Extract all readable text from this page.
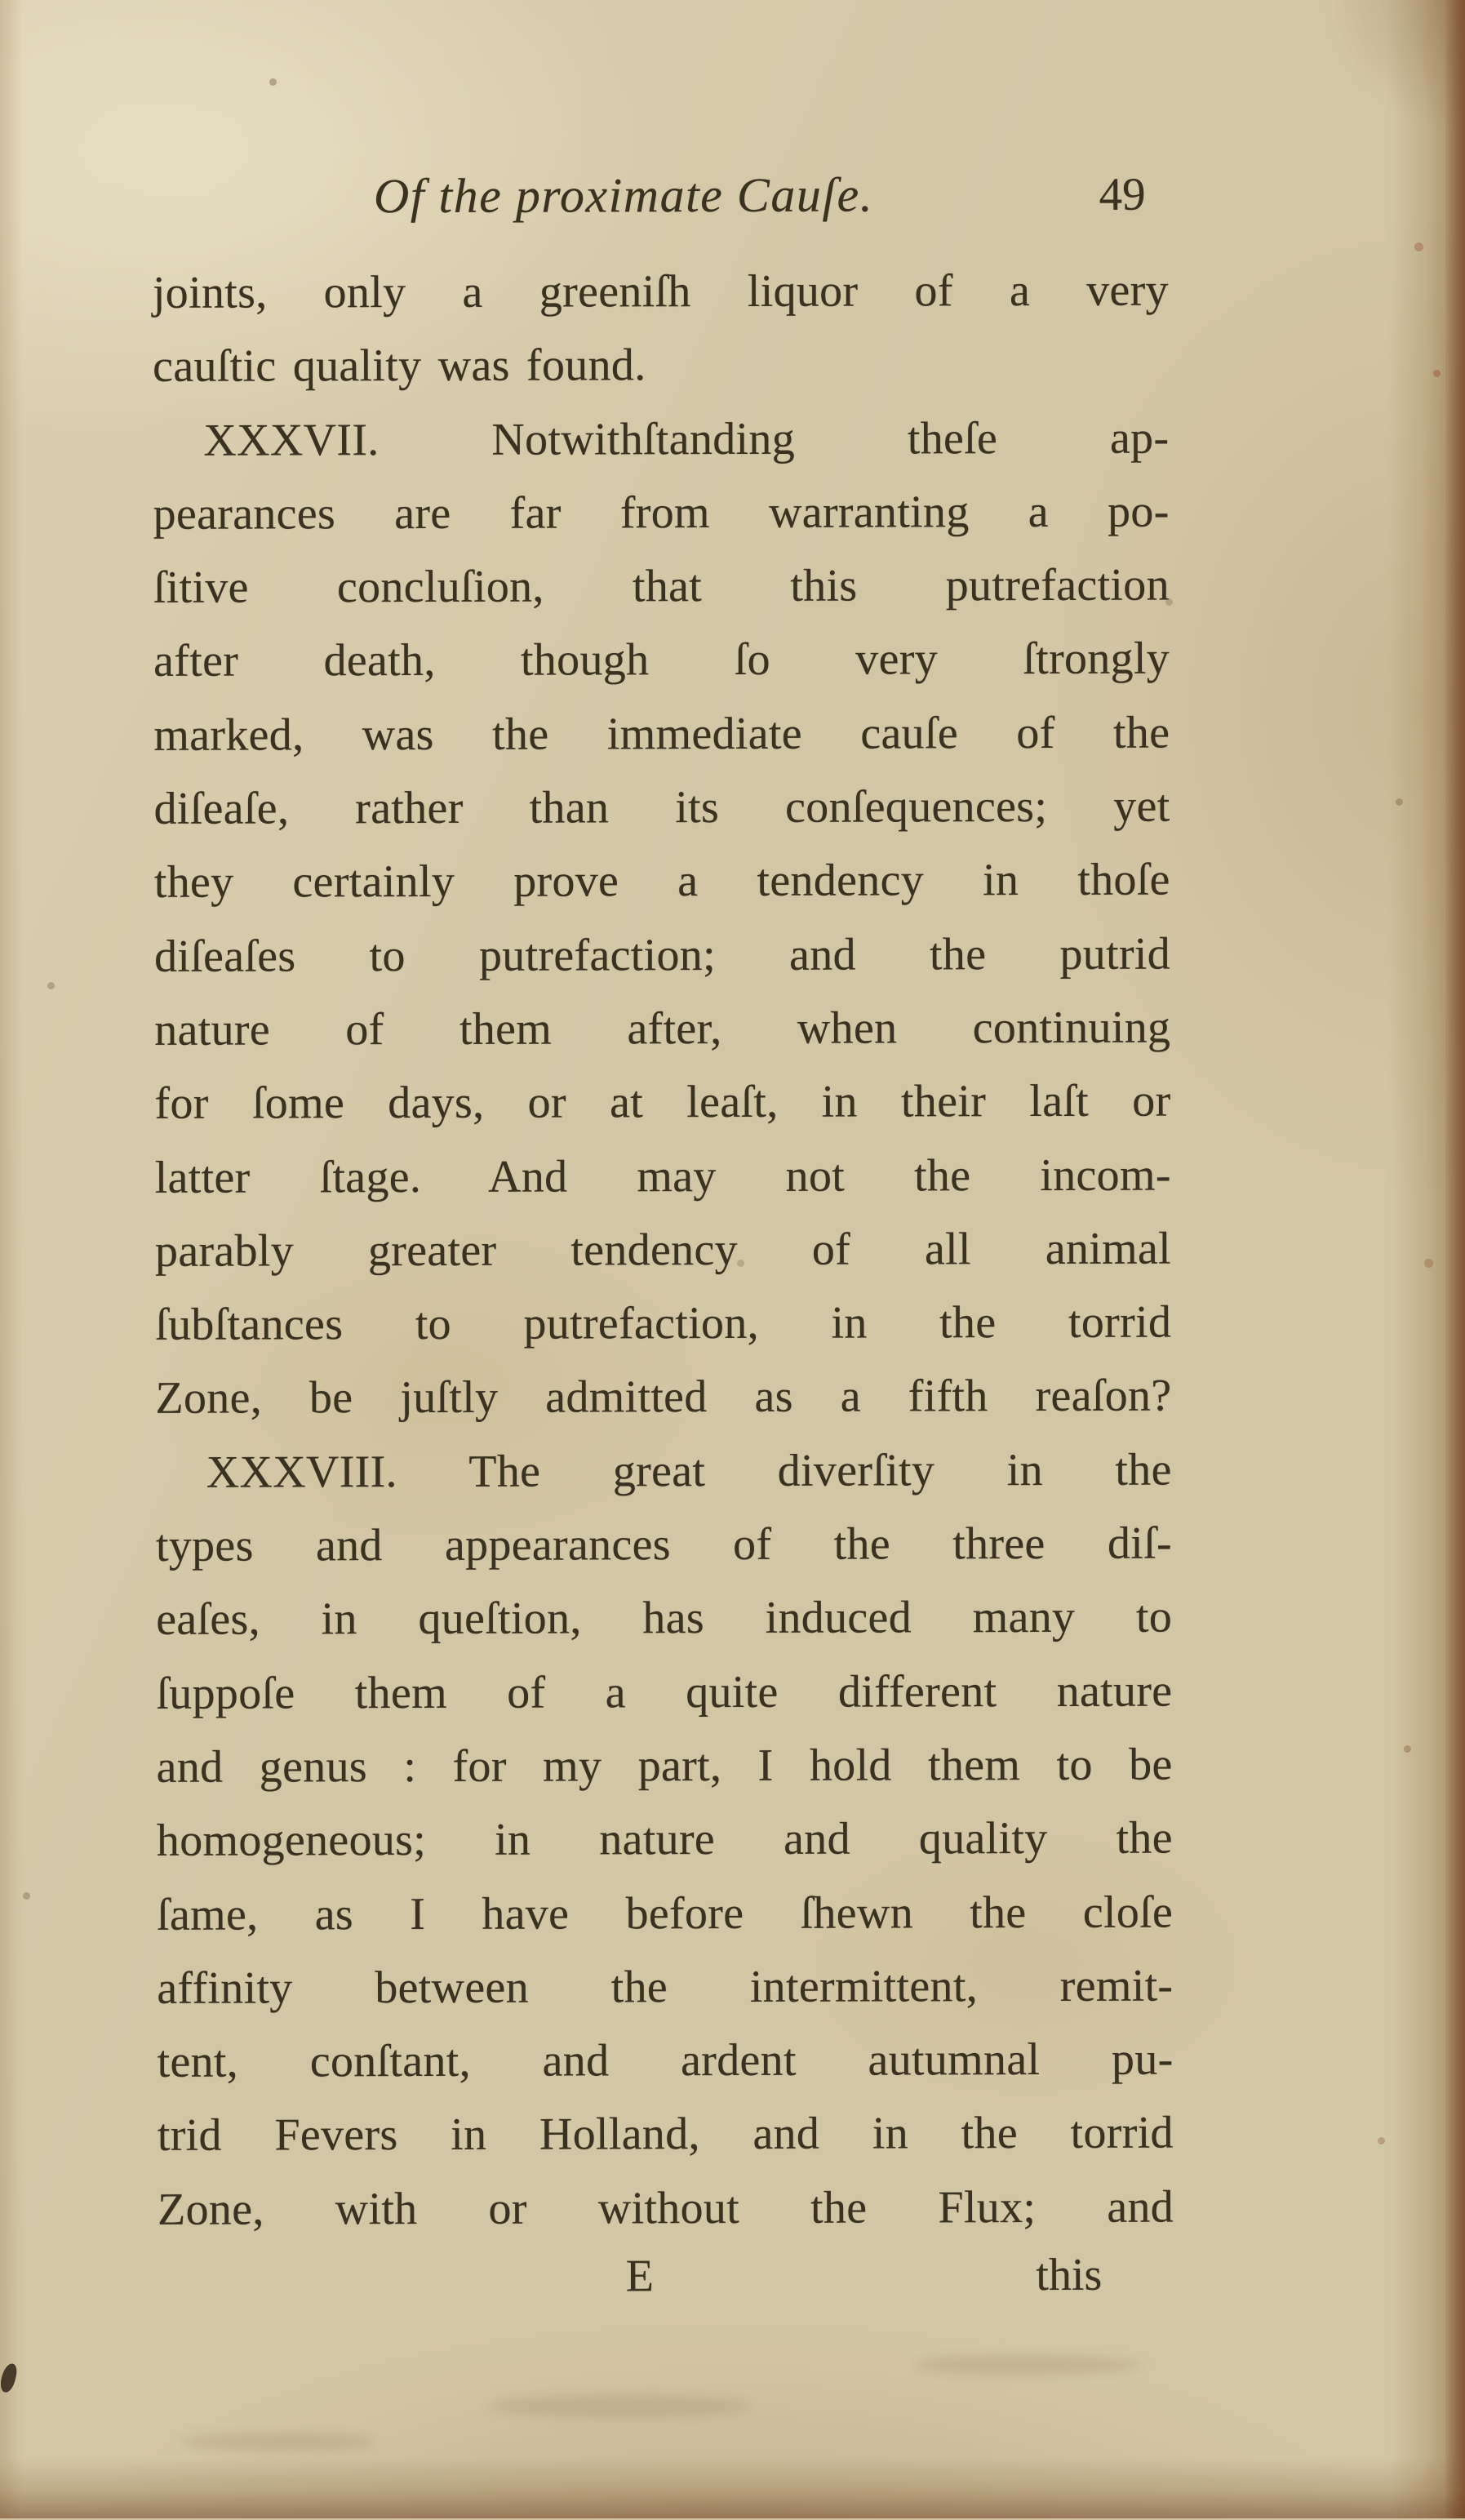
Of the proximate Cauſe.	49
joints, only a greeniſh liquor of a very
cauſtic quality was found.
XXXVII. Notwithſtanding theſe ap-
pearances are far from warranting a po-
ſitive concluſion, that this putrefaction
after death, though ſo very ſtrongly
marked, was the immediate cauſe of the
diſeaſe, rather than its conſequences; yet
they certainly prove a tendency in thoſe
diſeaſes to putrefaction; and the putrid
nature of them after, when continuing
for ſome days, or at leaſt, in their laſt or
latter ſtage. And may not the incom-
parably greater tendency of all animal
ſubſtances to putrefaction, in the torrid
Zone, be juſtly admitted as a fifth reaſon?
XXXVIII. The great diverſity in the
types and appearances of the three diſ-
eaſes, in queſtion, has induced many to
ſuppoſe them of a quite different nature
and genus : for my part, I hold them to be
homogeneous; in nature and quality the
ſame, as I have before ſhewn the cloſe
affinity between the intermittent, remit-
tent, conſtant, and ardent autumnal pu-
trid Fevers in Holland, and in the torrid
Zone, with or without the Flux; and
E	this
